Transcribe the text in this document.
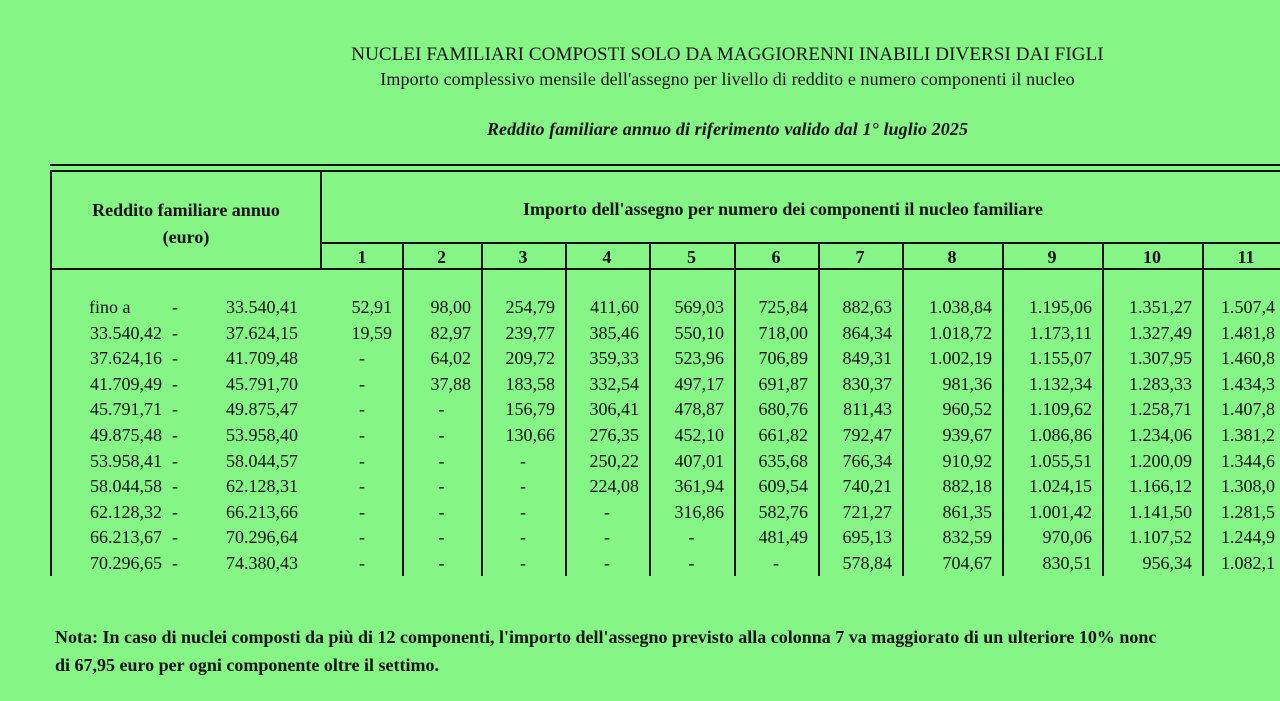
NUCLEI FAMILIARI COMPOSTI SOLO DA MAGGIORENNI INABILI DIVERSI DAI FIGLI
Importo complessivo mensile dell'assegno per livello di reddito e numero componenti il nucleo
Reddito familiare annuo di riferimento valido dal 1° luglio 2025
Reddito familiare annuo
(euro)
Importo dell'assegno per numero dei componenti il nucleo familiare
1	2	3	4	5	6	7	8	9	10	11
fino a -	33.540,41	52,91 98,00 254,79 411,60 569,03 725,84 882,63 1.038,84 1.195,06 1.351,27 1.507,4
33.540,42 -	37.624,15	19,59 82,97 239,77 385,46 550,10 718,00 864,34 1.018,72 1.173,11 1.327,49 1.481,8
37.624,16 -	41.709,48	-	64,02 209,72 359,33 523,96 706,89 849,31 1.002,19 1.155,07 1.307,95 1.460,8
41.709,49 -	45.791,70	-	37,88 183,58 332,54 497,17 691,87 830,37	981,36 1.132,34 1.283,33 1.434,3
45.791,71 -	49.875,47	-	-	156,79 306,41 478,87 680,76 811,43	960,52 1.109,62 1.258,71 1.407,8
49.875,48 -	53.958,40	-	-	130,66 276,35 452,10 661,82 792,47	939,67 1.086,86 1.234,06 1.381,2
53.958,41 -	58.044,57	-	-	-	250,22 407,01 635,68 766,34	910,92 1.055,51 1.200,09 1.344,6
58.044,58 -	62.128,31	-	-	-	224,08 361,94 609,54 740,21	882,18 1.024,15 1.166,12 1.308,0
62.128,32 -	66.213,66	-	-	-	-	316,86 582,76 721,27	861,35 1.001,42 1.141,50 1.281,5
66.213,67 -	70.296,64	-	-	-	-	-	481,49 695,13	832,59	970,06 1.107,52 1.244,9
70.296,65 -	74.380,43	-	-	-	-	-	-	578,84	704,67	830,51	956,34 1.082,1
Nota: In caso di nuclei composti da più di 12 componenti, l'importo dell'assegno previsto alla colonna 7 va maggiorato di un ulteriore 10% nonc
di 67,95 euro per ogni componente oltre il settimo.
